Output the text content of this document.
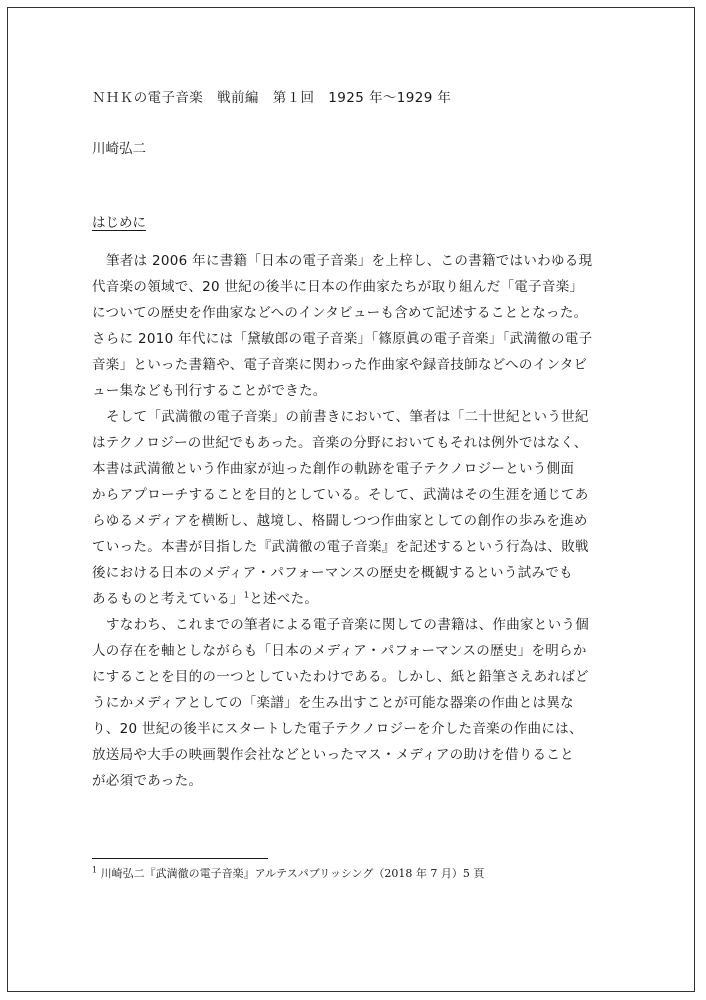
ＮＨＫの電子音楽　戦前編　第１回　1925 年〜1929 年
川崎弘二
はじめに
筆者は 2006 年に書籍「日本の電子音楽」を上梓し、この書籍ではいわゆる現
代音楽の領域で、20 世紀の後半に日本の作曲家たちが取り組んだ「電子音楽」
についての歴史を作曲家などへのインタビューも含めて記述することとなった。
さらに 2010 年代には「黛敏郎の電子音楽」「篠原眞の電子音楽」「武満徹の電子
音楽」といった書籍や、電子音楽に関わった作曲家や録音技師などへのインタビ
ュー集なども刊行することができた。
そして「武満徹の電子音楽」の前書きにおいて、筆者は「二十世紀という世紀
はテクノロジーの世紀でもあった。音楽の分野においてもそれは例外ではなく、
本書は武満徹という作曲家が辿った創作の軌跡を電子テクノロジーという側面
からアプローチすることを目的としている。そして、武満はその生涯を通じてあ
らゆるメディアを横断し、越境し、格闘しつつ作曲家としての創作の歩みを進め
ていった。本書が目指した『武満徹の電子音楽』を記述するという行為は、敗戦
後における日本のメディア・パフォーマンスの歴史を概観するという試みでも
あるものと考えている」$^1$と述べた。
すなわち、これまでの筆者による電子音楽に関しての書籍は、作曲家という個
人の存在を軸としながらも「日本のメディア・パフォーマンスの歴史」を明らか
にすることを目的の一つとしていたわけである。しかし、紙と鉛筆さえあればど
うにかメディアとしての「楽譜」を生み出すことが可能な器楽の作曲とは異な
り、20 世紀の後半にスタートした電子テクノロジーを介した音楽の作曲には、
放送局や大手の映画製作会社などといったマス・メディアの助けを借りること
が必須であった。
$^1$ 川崎弘二『武満徹の電子音楽』アルテスパブリッシング（2018 年 7 月）5 頁
